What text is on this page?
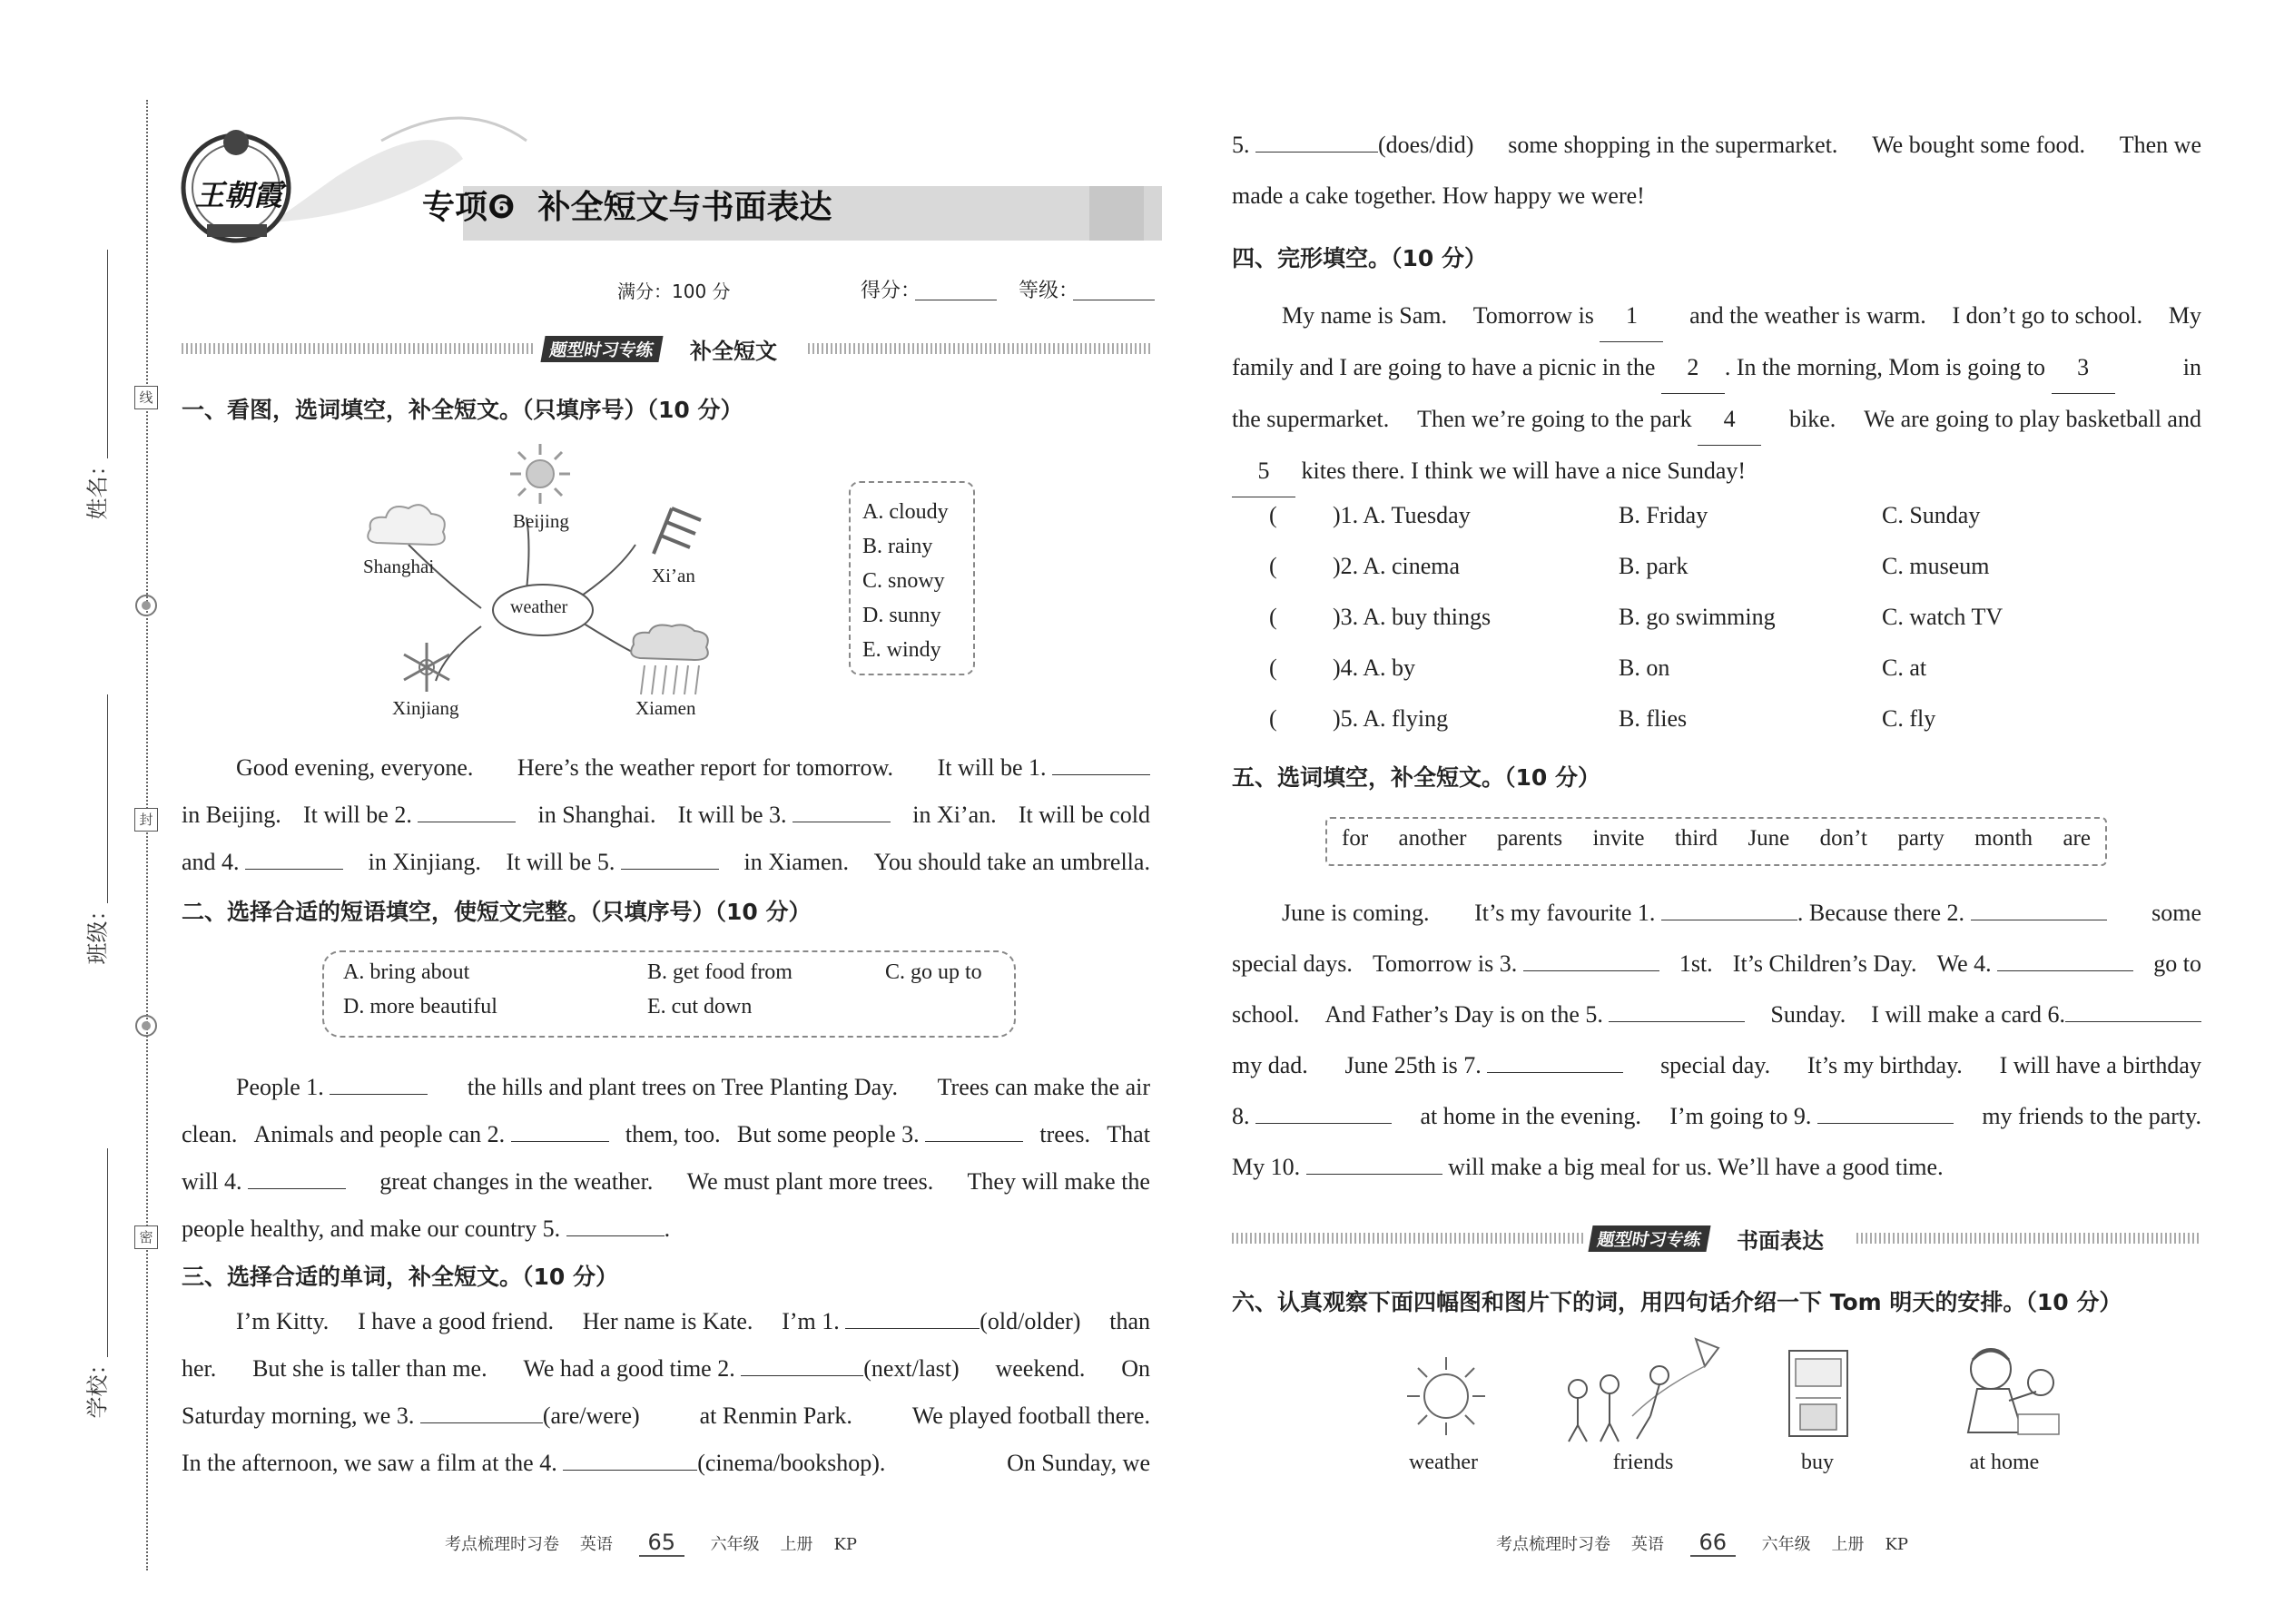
姓名：
班级：
学校：
线
封
密
王朝霞	专项❻  补全短文与书面表达
满分：100 分	得分：	等级：
题型时习专练	补全短文
一、看图，选词填空，补全短文。（只填序号）（10 分）
weather
Beijing
Shanghai	Xi’an
Xinjiang	Xiamen
A. cloudy
B. rainy
C. snowy
D. sunny
E. windy
Good evening, everyone. Here’s the weather report for tomorrow. It will be 1.
in Beijing. It will be 2.	in Shanghai. It will be 3.	in Xi’an. It will be cold
and 4.	in Xinjiang. It will be 5.	in Xiamen. You should take an umbrella.
二、选择合适的短语填空，使短文完整。（只填序号）（10 分）
A. bring about	B. get food from	C. go up to
D. more beautiful	E. cut down
People 1.	the hills and plant trees on Tree Planting Day. Trees can make the air
clean. Animals and people can 2.	them, too. But some people 3.	trees. That
will 4.	great changes in the weather. We must plant more trees. They will make the
people healthy, and make our country 5.	.
三、选择合适的单词，补全短文。（10 分）
I’m Kitty. I have a good friend. Her name is Kate. I’m 1.	(old/older) than
her. But she is taller than me. We had a good time 2.	(next/last) weekend. On
Saturday morning, we 3.	(are/were)	at Renmin Park.	We played football there.
In the afternoon, we saw a film at the 4.	(cinema/bookshop).	On Sunday, we
考点梳理时习卷 英语 65 六年级 上册 KP
5.	(does/did) some shopping in the supermarket. We bought some food. Then we
made a cake together. How happy we were!
四、完形填空。（10 分）
My name is Sam. Tomorrow is 1	and the weather is warm. I don’t go to school. My
family and I are going to have a picnic in the 2 . In the morning, Mom is going to 3	in
the supermarket. Then we’re going to the park 4	bike. We are going to play basketball and
5 kites there. I think we will have a nice Sunday!
( )1. A. Tuesday	B. Friday	C. Sunday
( )2. A. cinema	B. park	C. museum
( )3. A. buy things	B. go swimming	C. watch TV
( )4. A. by	B. on	C. at
( )5. A. flying	B. flies	C. fly
五、选词填空，补全短文。（10 分）
for another parents invite third June don’t party month are
June is coming. It’s my favourite 1.	. Because there 2.	some
special days. Tomorrow is 3.	1st. It’s Children’s Day. We 4.	go to
school. And Father’s Day is on the 5.	Sunday. I will make a card 6.
my dad. June 25th is 7.	special day. It’s my birthday. I will have a birthday
8.	at home in the evening. I’m going to 9.	my friends to the party.
My 10.	will make a big meal for us. We’ll have a good time.
题型时习专练	书面表达
六、认真观察下面四幅图和图片下的词，用四句话介绍一下 Tom 明天的安排。（10 分）
weather	friends	buy	at home
考点梳理时习卷 英语 66 六年级 上册 KP
